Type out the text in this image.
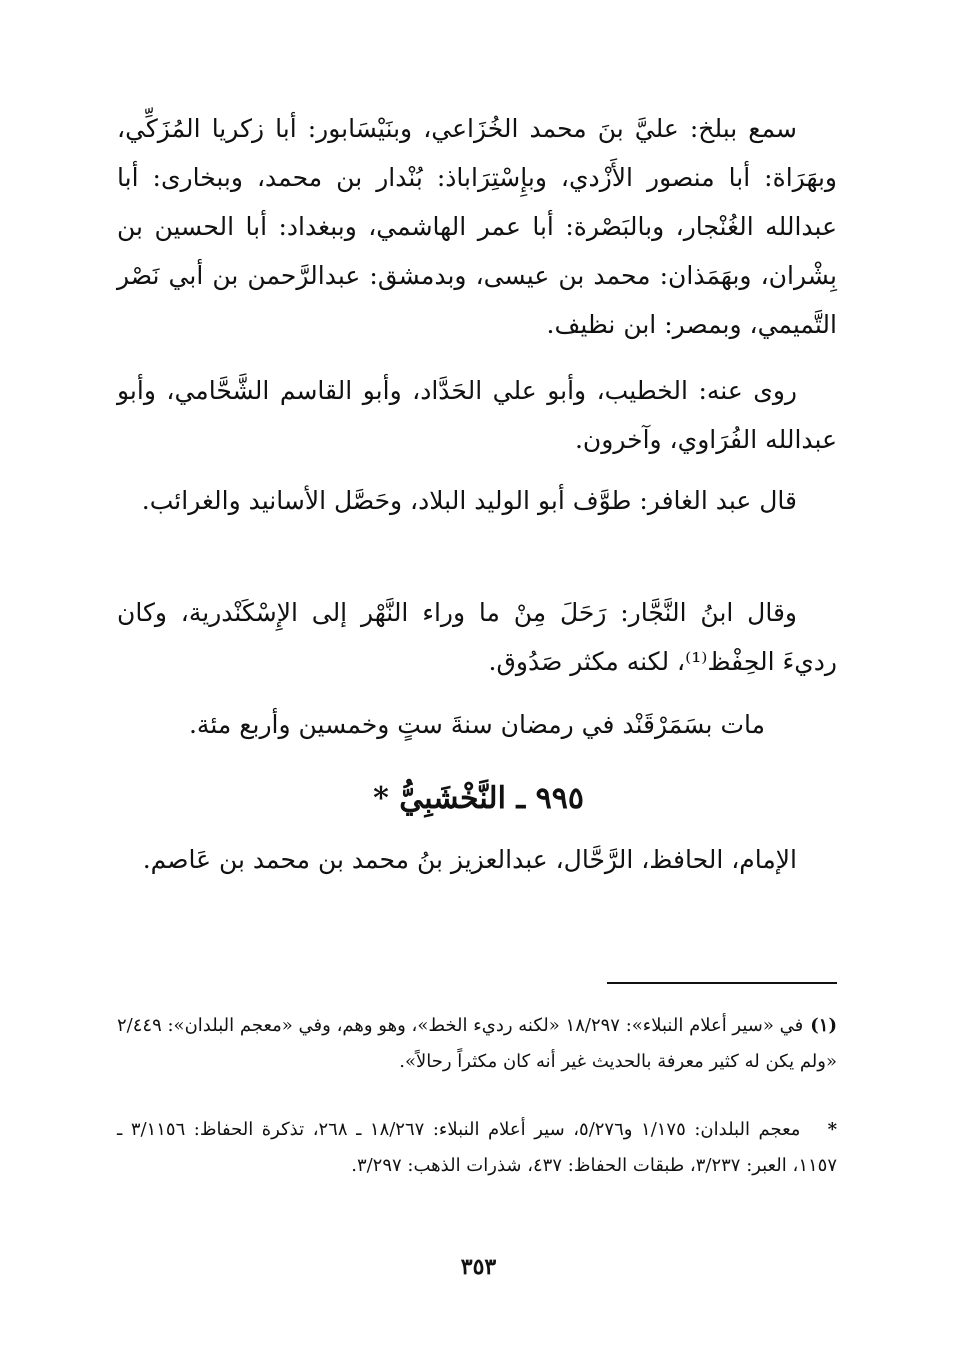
سمع ببلخ: عليَّ بنَ محمد الخُزَاعي، وبنَيْسَابور: أبا زكريا المُزَكِّي، وبهَرَاة: أبا منصور الأَزْدي، وبإِسْتِرَاباذ: بُنْدار بن محمد، وببخارى: أبا عبدالله الغُنْجار، وبالبَصْرة: أبا عمر الهاشمي، وببغداد: أبا الحسين بن بِشْران، وبهَمَذان: محمد بن عيسى، وبدمشق: عبدالرَّحمن بن أبي نَصْر التَّميمي، وبمصر: ابن نظيف.

روى عنه: الخطيب، وأبو علي الحَدَّاد، وأبو القاسم الشَّحَّامي، وأبو عبدالله الفُرَاوي، وآخرون.

قال عبد الغافر: طوَّف أبو الوليد البلاد، وحَصَّل الأسانيد والغرائب.

وقال ابنُ النَّجَّار: رَحَلَ مِنْ ما وراء النَّهْر إلى الإِسْكَنْدرية، وكان رديءَ الحِفْظ⁽¹⁾، لكنه مكثر صَدُوق.

مات بسَمَرْقَنْد في رمضان سنةَ ستٍ وخمسين وأربع مئة.

٩٩٥ ـ النَّخْشَبِيُّ *

الإمام، الحافظ، الرَّحَّال، عبدالعزيز بنُ محمد بن محمد بن عَاصم.

(١) في «سير أعلام النبلاء»: ١٨/٢٩٧ «لكنه رديء الخط»، وهو وهم، وفي «معجم البلدان»: ٢/٤٤٩ «ولم يكن له كثير معرفة بالحديث غير أنه كان مكثراً رحالاً».

* معجم البلدان: ١/١٧٥ و٥/٢٧٦، سير أعلام النبلاء: ١٨/٢٦٧ ـ ٢٦٨، تذكرة الحفاظ: ٣/١١٥٦ ـ ١١٥٧، العبر: ٣/٢٣٧، طبقات الحفاظ: ٤٣٧، شذرات الذهب: ٣/٢٩٧.

٣٥٣
